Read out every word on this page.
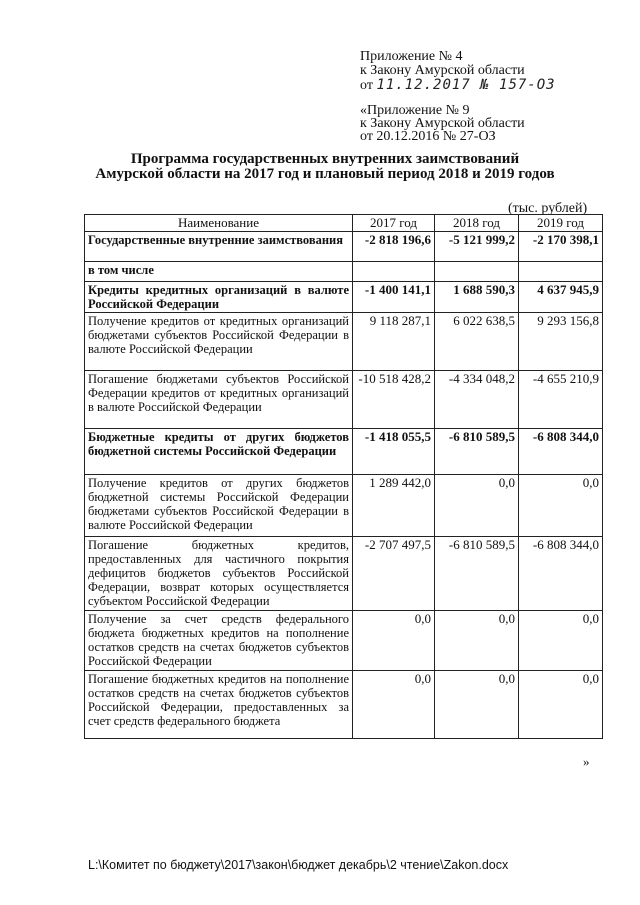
Приложение № 4
к Закону Амурской области
от 11.12.2017 № 157-ОЗ
«Приложение № 9
к Закону Амурской области
от 20.12.2016 № 27-ОЗ
Программа государственных внутренних заимствований Амурской области на 2017 год и плановый период 2018 и 2019 годов
(тыс. рублей)
Наименование	2017 год	2018 год	2019 год
Государственные внутренние заимствования	-2 818 196,6	-5 121 999,2	-2 170 398,1
в том числе			
Кредиты кредитных организаций в валюте Российской Федерации	-1 400 141,1	1 688 590,3	4 637 945,9
Получение кредитов от кредитных организаций бюджетами субъектов Российской Федерации в валюте Российской Федерации	9 118 287,1	6 022 638,5	9 293 156,8
Погашение бюджетами субъектов Российской Федерации кредитов от кредитных организаций в валюте Российской Федерации	-10 518 428,2	-4 334 048,2	-4 655 210,9
Бюджетные кредиты от других бюджетов бюджетной системы Российской Федерации	-1 418 055,5	-6 810 589,5	-6 808 344,0
Получение кредитов от других бюджетов бюджетной системы Российской Федерации бюджетами субъектов Российской Федерации в валюте Российской Федерации	1 289 442,0	0,0	0,0
Погашение бюджетных кредитов, предоставленных для частичного покрытия дефицитов бюджетов субъектов Российской Федерации, возврат которых осуществляется субъектом Российской Федерации	-2 707 497,5	-6 810 589,5	-6 808 344,0
Получение за счет средств федерального бюджета бюджетных кредитов на пополнение остатков средств на счетах бюджетов субъектов Российской Федерации	0,0	0,0	0,0
Погашение бюджетных кредитов на пополнение остатков средств на счетах бюджетов субъектов Российской Федерации, предоставленных за счет средств федерального бюджета	0,0	0,0	0,0
»
L:\Комитет по бюджету\2017\закон\бюджет декабрь\2 чтение\Zakon.docx
